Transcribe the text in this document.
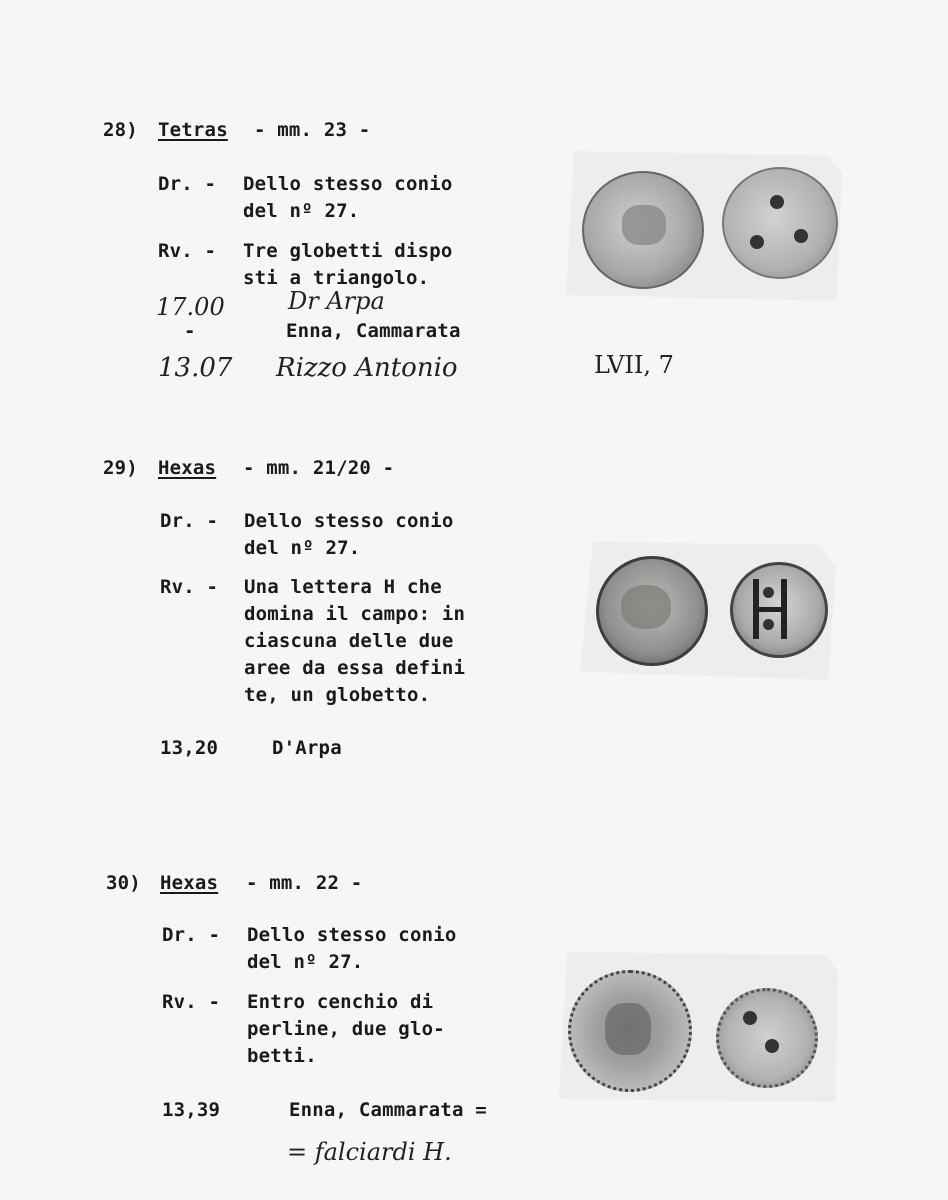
28) Tetras - mm. 23 -
Dr. - Dello stesso conio
del nº 27.
Rv. - Tre globetti dispo
sti a triangolo.
17.00	Dr Arpa
-	Enna, Cammarata
13.07 Rizzo Antonio	LVII, 7
29) Hexas - mm. 21/20 -
Dr. - Dello stesso conio
del nº 27.
Rv. - Una lettera H che
domina il campo: in
ciascuna delle due
aree da essa defini
te, un globetto.
13,20	D'Arpa
30) Hexas - mm. 22 -
Dr. - Dello stesso conio
del nº 27.
Rv. - Entro cenchio di
perline, due glo-
betti.
13,39	Enna, Cammarata =
= falciardi H.
